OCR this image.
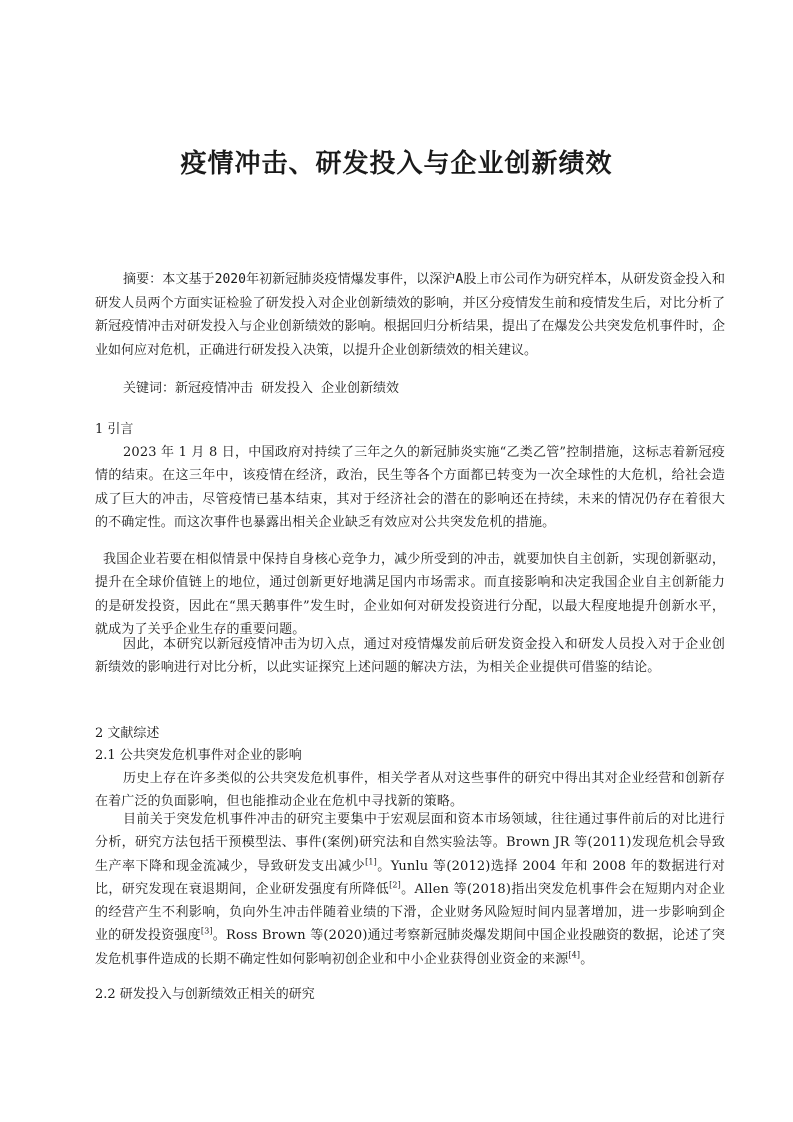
疫情冲击、研发投入与企业创新绩效
摘要：本文基于2020年初新冠肺炎疫情爆发事件，以深沪A股上市公司作为研究样本，从研发资金投入和研发人员两个方面实证检验了研发投入对企业创新绩效的影响，并区分疫情发生前和疫情发生后，对比分析了新冠疫情冲击对研发投入与企业创新绩效的影响。根据回归分析结果，提出了在爆发公共突发危机事件时，企业如何应对危机，正确进行研发投入决策，以提升企业创新绩效的相关建议。
关键词：新冠疫情冲击 研发投入 企业创新绩效
1 引言
2023 年 1 月 8 日，中国政府对持续了三年之久的新冠肺炎实施“乙类乙管”控制措施，这标志着新冠疫情的结束。在这三年中，该疫情在经济，政治，民生等各个方面都已转变为一次全球性的大危机，给社会造成了巨大的冲击，尽管疫情已基本结束，其对于经济社会的潜在的影响还在持续，未来的情况仍存在着很大的不确定性。而这次事件也暴露出相关企业缺乏有效应对公共突发危机的措施。
我国企业若要在相似情景中保持自身核心竞争力，减少所受到的冲击，就要加快自主创新，实现创新驱动，提升在全球价值链上的地位，通过创新更好地满足国内市场需求。而直接影响和决定我国企业自主创新能力的是研发投资，因此在“黑天鹅事件”发生时，企业如何对研发投资进行分配，以最大程度地提升创新水平，就成为了关乎企业生存的重要问题。
因此，本研究以新冠疫情冲击为切入点，通过对疫情爆发前后研发资金投入和研发人员投入对于企业创新绩效的影响进行对比分析，以此实证探究上述问题的解决方法，为相关企业提供可借鉴的结论。
2 文献综述
2.1 公共突发危机事件对企业的影响
历史上存在许多类似的公共突发危机事件，相关学者从对这些事件的研究中得出其对企业经营和创新存在着广泛的负面影响，但也能推动企业在危机中寻找新的策略。
目前关于突发危机事件冲击的研究主要集中于宏观层面和资本市场领域，往往通过事件前后的对比进行分析，研究方法包括干预模型法、事件(案例)研究法和自然实验法等。Brown JR 等(2011)发现危机会导致生产率下降和现金流减少，导致研发支出减少[1]。Yunlu 等(2012)选择 2004 年和 2008 年的数据进行对比，研究发现在衰退期间，企业研发强度有所降低[2]。Allen 等(2018)指出突发危机事件会在短期内对企业的经营产生不利影响，负向外生冲击伴随着业绩的下滑，企业财务风险短时间内显著增加，进一步影响到企业的研发投资强度[3]。Ross Brown 等(2020)通过考察新冠肺炎爆发期间中国企业投融资的数据，论述了突发危机事件造成的长期不确定性如何影响初创企业和中小企业获得创业资金的来源[4]。
2.2 研发投入与创新绩效正相关的研究
